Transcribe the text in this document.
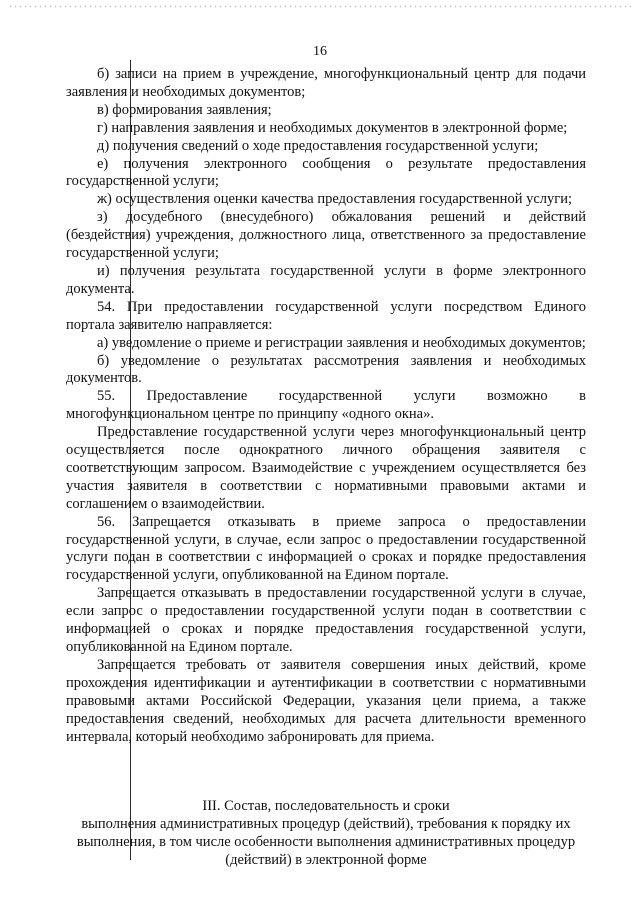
16

б) записи на прием в учреждение, многофункциональный центр для подачи заявления и необходимых документов;

в) формирования заявления;

г) направления заявления и необходимых документов в электронной форме;

д) получения сведений о ходе предоставления государственной услуги;

е) получения электронного сообщения о результате предоставления государственной услуги;

ж) осуществления оценки качества предоставления государственной услуги;

з) досудебного (внесудебного) обжалования решений и действий (бездействия) учреждения, должностного лица, ответственного за предоставление государственной услуги;

и) получения результата государственной услуги в форме электронного документа.

54. При предоставлении государственной услуги посредством Единого портала заявителю направляется:

а) уведомление о приеме и регистрации заявления и необходимых документов;

б) уведомление о результатах рассмотрения заявления и необходимых документов.

55. Предоставление государственной услуги возможно в многофункциональном центре по принципу «одного окна».

Предоставление государственной услуги через многофункциональный центр осуществляется после однократного личного обращения заявителя с соответствующим запросом. Взаимодействие с учреждением осуществляется без участия заявителя в соответствии с нормативными правовыми актами и соглашением о взаимодействии.

56. Запрещается отказывать в приеме запроса о предоставлении государственной услуги, в случае, если запрос о предоставлении государственной услуги подан в соответствии с информацией о сроках и порядке предоставления государственной услуги, опубликованной на Едином портале.

Запрещается отказывать в предоставлении государственной услуги в случае, если запрос о предоставлении государственной услуги подан в соответствии с информацией о сроках и порядке предоставления государственной услуги, опубликованной на Едином портале.

Запрещается требовать от заявителя совершения иных действий, кроме прохождения идентификации и аутентификации в соответствии с нормативными правовыми актами Российской Федерации, указания цели приема, а также предоставления сведений, необходимых для расчета длительности временного интервала, который необходимо забронировать для приема.

III. Состав, последовательность и сроки
выполнения административных процедур (действий), требования к порядку их
выполнения, в том числе особенности выполнения административных процедур
(действий) в электронной форме
